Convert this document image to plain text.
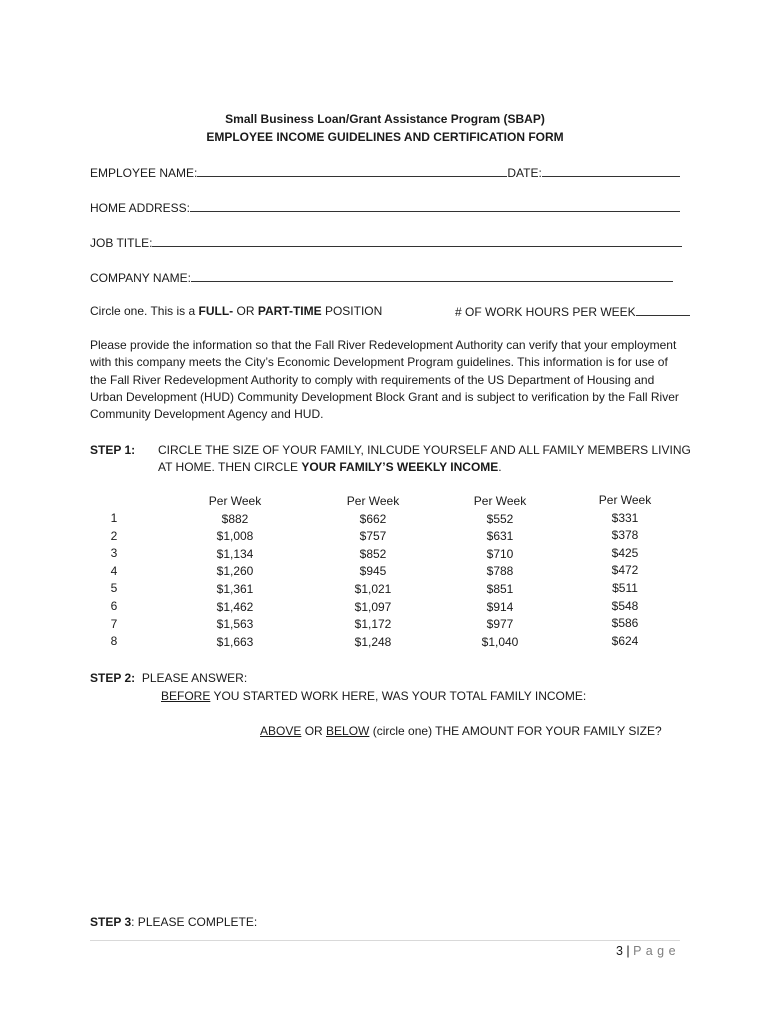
Small Business Loan/Grant Assistance Program (SBAP)
EMPLOYEE INCOME GUIDELINES AND CERTIFICATION FORM
EMPLOYEE NAME:	DATE:
HOME ADDRESS:
JOB TITLE:
COMPANY NAME:
Circle one. This is a FULL- OR PART-TIME POSITION	# OF WORK HOURS PER WEEK
Please provide the information so that the Fall River Redevelopment Authority can verify that your employment with this company meets the City’s Economic Development Program guidelines. This information is for use of the Fall River Redevelopment Authority to comply with requirements of the US Department of Housing and Urban Development (HUD) Community Development Block Grant and is subject to verification by the Fall River Community Development Agency and HUD.
STEP 1: CIRCLE THE SIZE OF YOUR FAMILY, INLCUDE YOURSELF AND ALL FAMILY MEMBERS LIVING
AT HOME. THEN CIRCLE YOUR FAMILY’S WEEKLY INCOME.
Per Week
$882
$1,008
$1,134
$1,260
$1,361
$1,462
$1,563
$1,663
Per Week
$662
$757
$852
$945
$1,021
$1,097
$1,172
$1,248
Per Week
$552
$631
$710
$788
$851
$914
$977
$1,040
Per Week
$331
$378
$425
$472
$511
$548
$586
$624
1
2
3
4
5
6
7
8
STEP 2: PLEASE ANSWER:
BEFORE YOU STARTED WORK HERE, WAS YOUR TOTAL FAMILY INCOME:
ABOVE OR BELOW (circle one) THE AMOUNT FOR YOUR FAMILY SIZE?
STEP 3: PLEASE COMPLETE:
3 | P a g e
